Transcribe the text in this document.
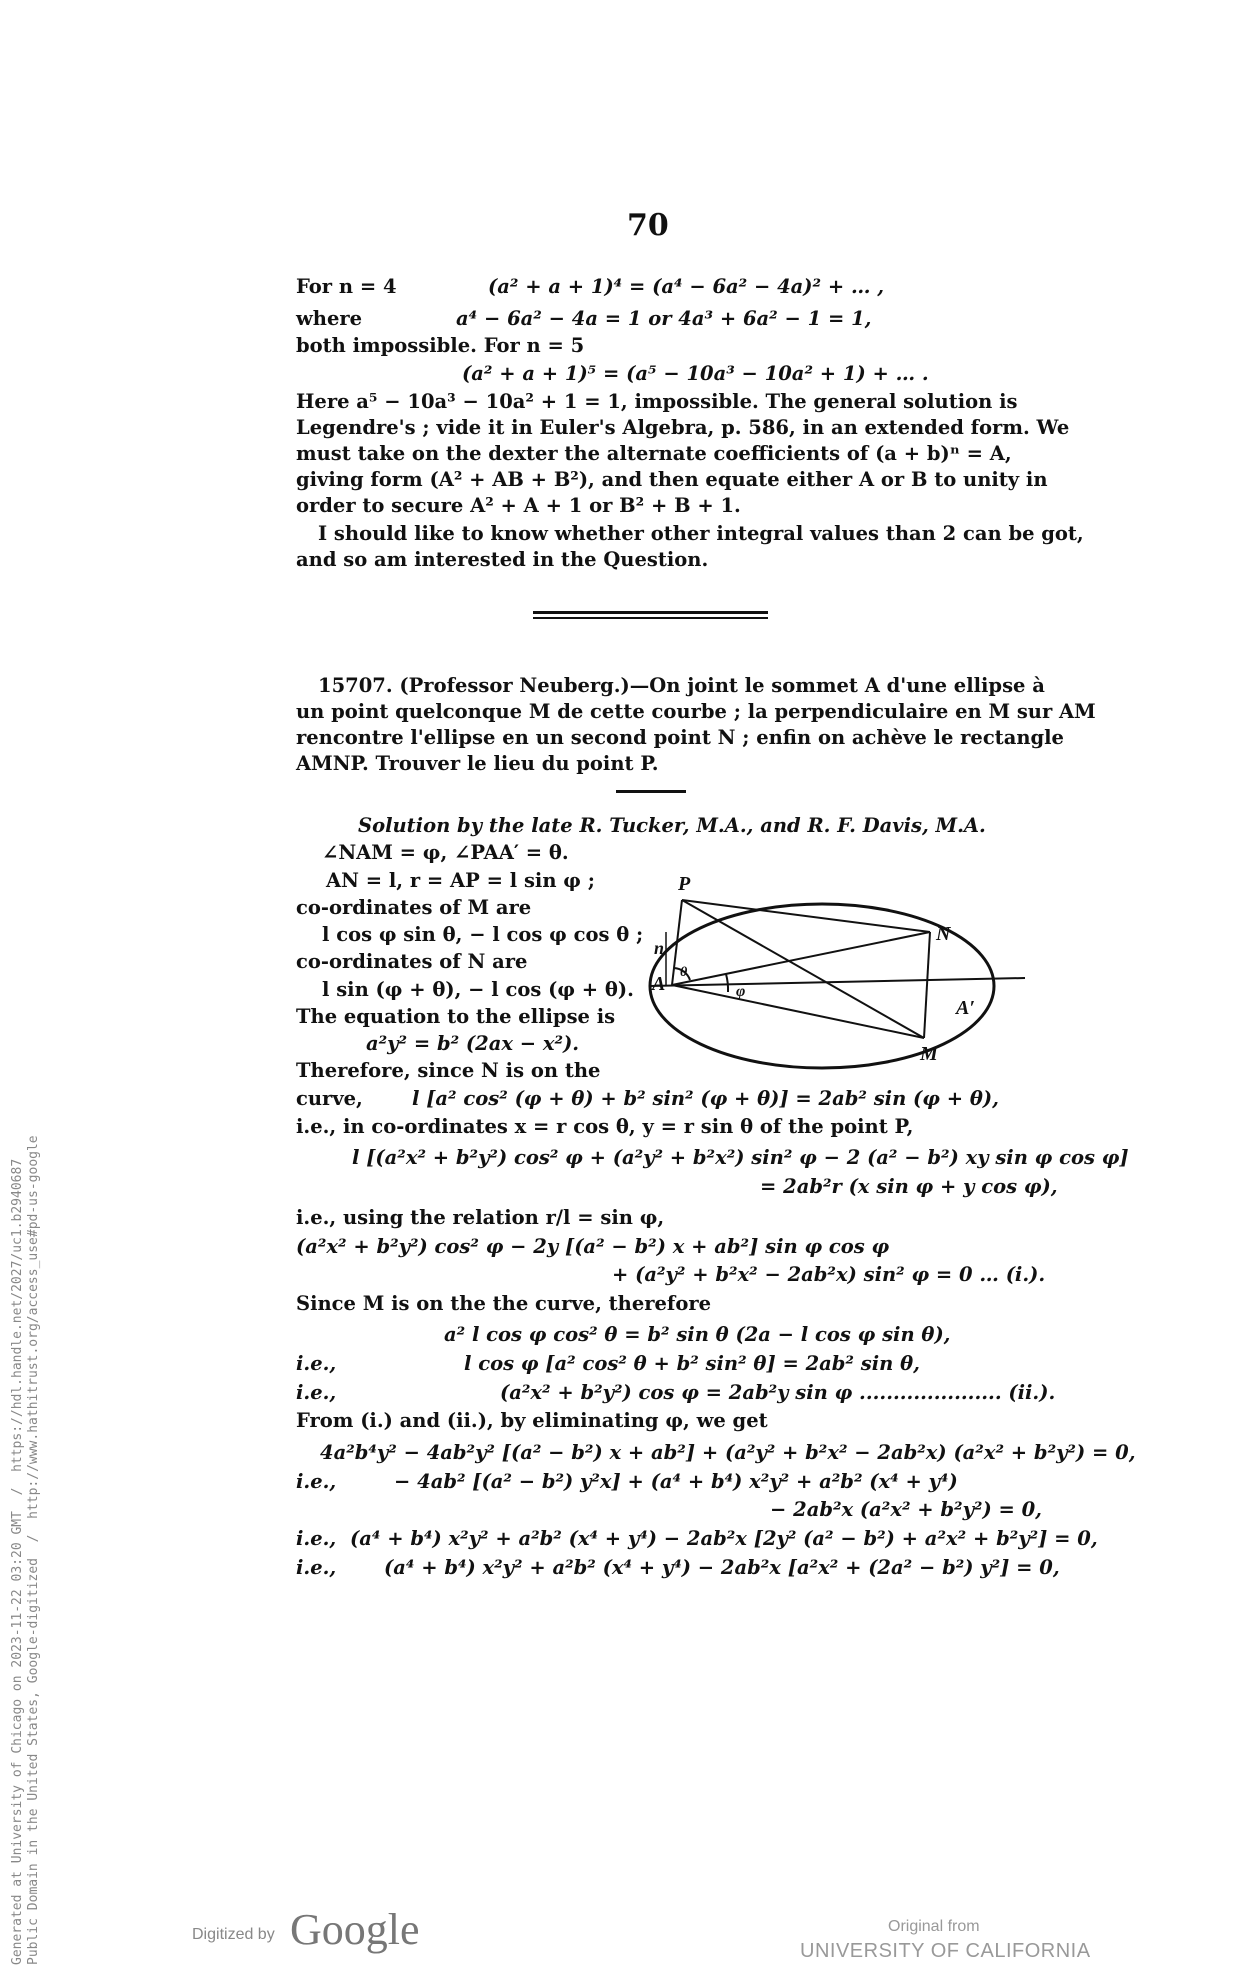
70
For n = 4	(a² + a + 1)⁴ = (a⁴ − 6a² − 4a)² + … ,
where	a⁴ − 6a² − 4a = 1 or 4a³ + 6a² − 1 = 1,
both impossible. For n = 5
(a² + a + 1)⁵ = (a⁵ − 10a³ − 10a² + 1) + … .
Here a⁵ − 10a³ − 10a² + 1 = 1, impossible. The general solution is
Legendre's ; vide it in Euler's Algebra, p. 586, in an extended form. We
must take on the dexter the alternate coefficients of (a + b)ⁿ = A,
giving form (A² + AB + B²), and then equate either A or B to unity in
order to secure A² + A + 1 or B² + B + 1.
I should like to know whether other integral values than 2 can be got,
and so am interested in the Question.
15707. (Professor Neuberg.)—On joint le sommet A d'une ellipse à
un point quelconque M de cette courbe ; la perpendiculaire en M sur AM
rencontre l'ellipse en un second point N ; enfin on achève le rectangle
AMNP. Trouver le lieu du point P.
Solution by the late R. Tucker, M.A., and R. F. Davis, M.A.
∠NAM = φ, ∠PAA′ = θ.
AN = l, r = AP = l sin φ ;
co-ordinates of M are
l cos φ sin θ, − l cos φ cos θ ;
co-ordinates of N are
l sin (φ + θ), − l cos (φ + θ).
The equation to the ellipse is
a²y² = b² (2ax − x²).
Therefore, since N is on the
curve,	l [a² cos² (φ + θ) + b² sin² (φ + θ)] = 2ab² sin (φ + θ),
i.e., in co-ordinates x = r cos θ, y = r sin θ of the point P,
l [(a²x² + b²y²) cos² φ + (a²y² + b²x²) sin² φ − 2 (a² − b²) xy sin φ cos φ]
= 2ab²r (x sin φ + y cos φ),
i.e., using the relation r/l = sin φ,
(a²x² + b²y²) cos² φ − 2y [(a² − b²) x + ab²] sin φ cos φ
+ (a²y² + b²x² − 2ab²x) sin² φ = 0 … (i.).
Since M is on the the curve, therefore
a² l cos φ cos² θ = b² sin θ (2a − l cos φ sin θ),
i.e.,	l cos φ [a² cos² θ + b² sin² θ] = 2ab² sin θ,
i.e.,	(a²x² + b²y²) cos φ = 2ab²y sin φ ..................... (ii.).
From (i.) and (ii.), by eliminating φ, we get
4a²b⁴y² − 4ab²y² [(a² − b²) x + ab²] + (a²y² + b²x² − 2ab²x) (a²x² + b²y²) = 0,
i.e.,	− 4ab² [(a² − b²) y²x] + (a⁴ + b⁴) x²y² + a²b² (x⁴ + y⁴)
− 2ab²x (a²x² + b²y²) = 0,
i.e., (a⁴ + b⁴) x²y² + a²b² (x⁴ + y⁴) − 2ab²x [2y² (a² − b²) + a²x² + b²y²] = 0,
i.e., (a⁴ + b⁴) x²y² + a²b² (x⁴ + y⁴) − 2ab²x [a²x² + (2a² − b²) y²] = 0,
P
N
A
A′
M
n
θ
φ
Generated at University of Chicago on 2023-11-22 03:20 GMT  /  https://hdl.handle.net/2027/uc1.b2940687
Public Domain in the United States, Google-digitized  /  http://www.hathitrust.org/access_use#pd-us-google
Digitized by Google	Original from
UNIVERSITY OF CALIFORNIA
